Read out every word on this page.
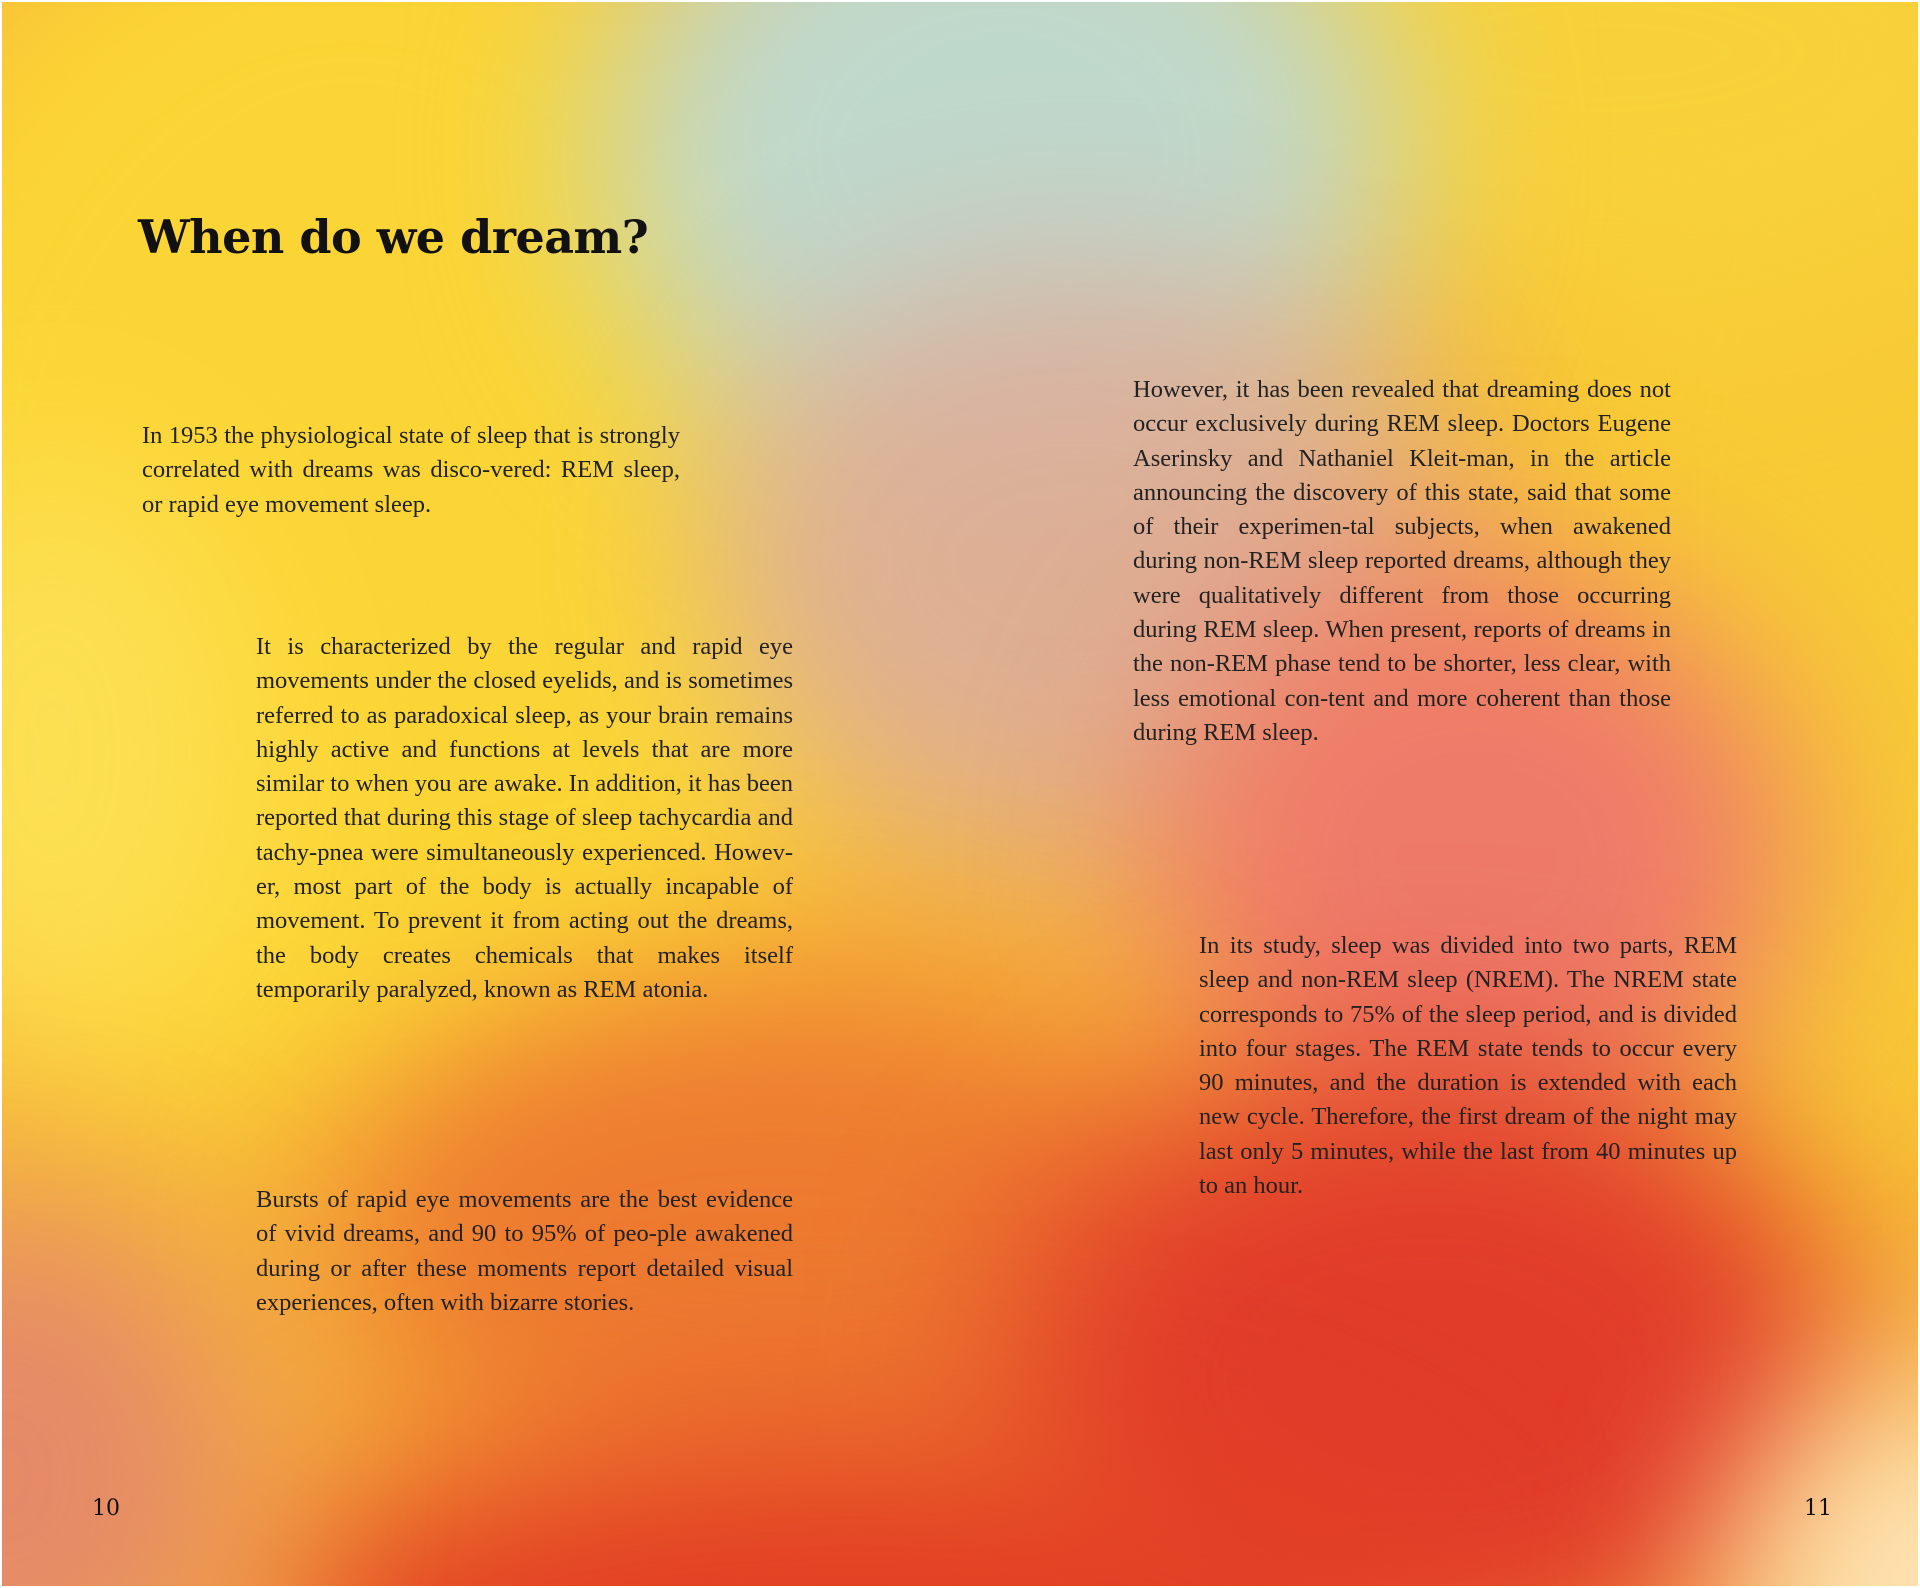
When do we dream?

In 1953 the physiological state of sleep that is strongly correlated with dreams was disco-vered: REM sleep, or rapid eye movement sleep.

It is characterized by the regular and rapid eye movements under the closed eyelids, and is sometimes referred to as paradoxical sleep, as your brain remains highly active and functions at levels that are more similar to when you are awake. In addition, it has been reported that during this stage of sleep tachycardia and tachy-pnea were simultaneously experienced. Howev-er, most part of the body is actually incapable of movement. To prevent it from acting out the dreams, the body creates chemicals that makes itself temporarily paralyzed, known as REM atonia.

Bursts of rapid eye movements are the best evidence of vivid dreams, and 90 to 95% of peo-ple awakened during or after these moments report detailed visual experiences, often with bizarre stories.

However, it has been revealed that dreaming does not occur exclusively during REM sleep. Doctors Eugene Aserinsky and Nathaniel Kleit-man, in the article announcing the discovery of this state, said that some of their experimen-tal subjects, when awakened during non-REM sleep reported dreams, although they were qualitatively different from those occurring during REM sleep. When present, reports of dreams in the non-REM phase tend to be shorter, less clear, with less emotional con-tent and more coherent than those during REM sleep.

In its study, sleep was divided into two parts, REM sleep and non-REM sleep (NREM). The NREM state corresponds to 75% of the sleep period, and is divided into four stages. The REM state tends to occur every 90 minutes, and the duration is extended with each new cycle. Therefore, the first dream of the night may last only 5 minutes, while the last from 40 minutes up to an hour.

10	11
